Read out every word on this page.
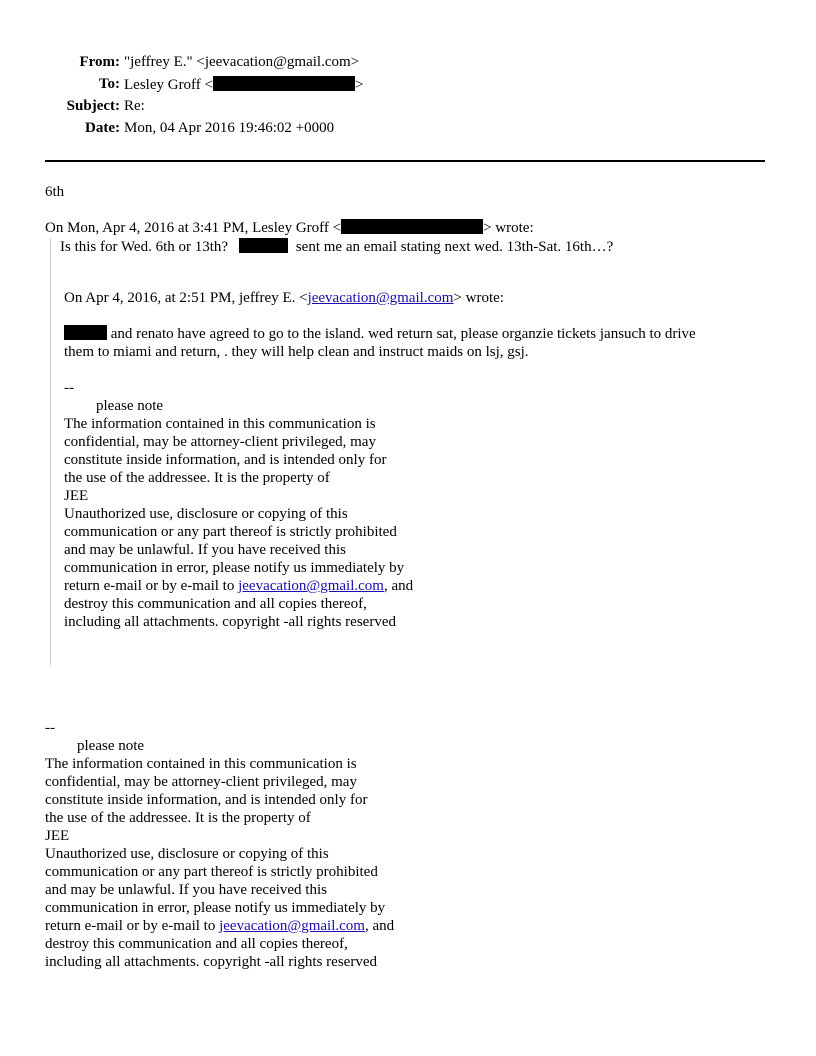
From: "jeffrey E." <jeevacation@gmail.com>
To: Lesley Groff <	>
Subject: Re:
Date: Mon, 04 Apr 2016 19:46:02 +0000
6th
On Mon, Apr 4, 2016 at 3:41 PM, Lesley Groff <	> wrote:
Is this for Wed. 6th or 13th?	sent me an email stating next wed. 13th-Sat. 16th…?
On Apr 4, 2016, at 2:51 PM, jeffrey E. <jeevacation@gmail.com> wrote:
and renato have agreed to go to the island. wed return sat, please organzie tickets jansuch to drive
them to miami and return, . they will help clean and instruct maids on lsj, gsj.
--
please note
The information contained in this communication is
confidential, may be attorney-client privileged, may
constitute inside information, and is intended only for
the use of the addressee. It is the property of
JEE
Unauthorized use, disclosure or copying of this
communication or any part thereof is strictly prohibited
and may be unlawful. If you have received this
communication in error, please notify us immediately by
return e-mail or by e-mail to jeevacation@gmail.com, and
destroy this communication and all copies thereof,
including all attachments. copyright -all rights reserved
--
please note
The information contained in this communication is
confidential, may be attorney-client privileged, may
constitute inside information, and is intended only for
the use of the addressee. It is the property of
JEE
Unauthorized use, disclosure or copying of this
communication or any part thereof is strictly prohibited
and may be unlawful. If you have received this
communication in error, please notify us immediately by
return e-mail or by e-mail to jeevacation@gmail.com, and
destroy this communication and all copies thereof,
including all attachments. copyright -all rights reserved
